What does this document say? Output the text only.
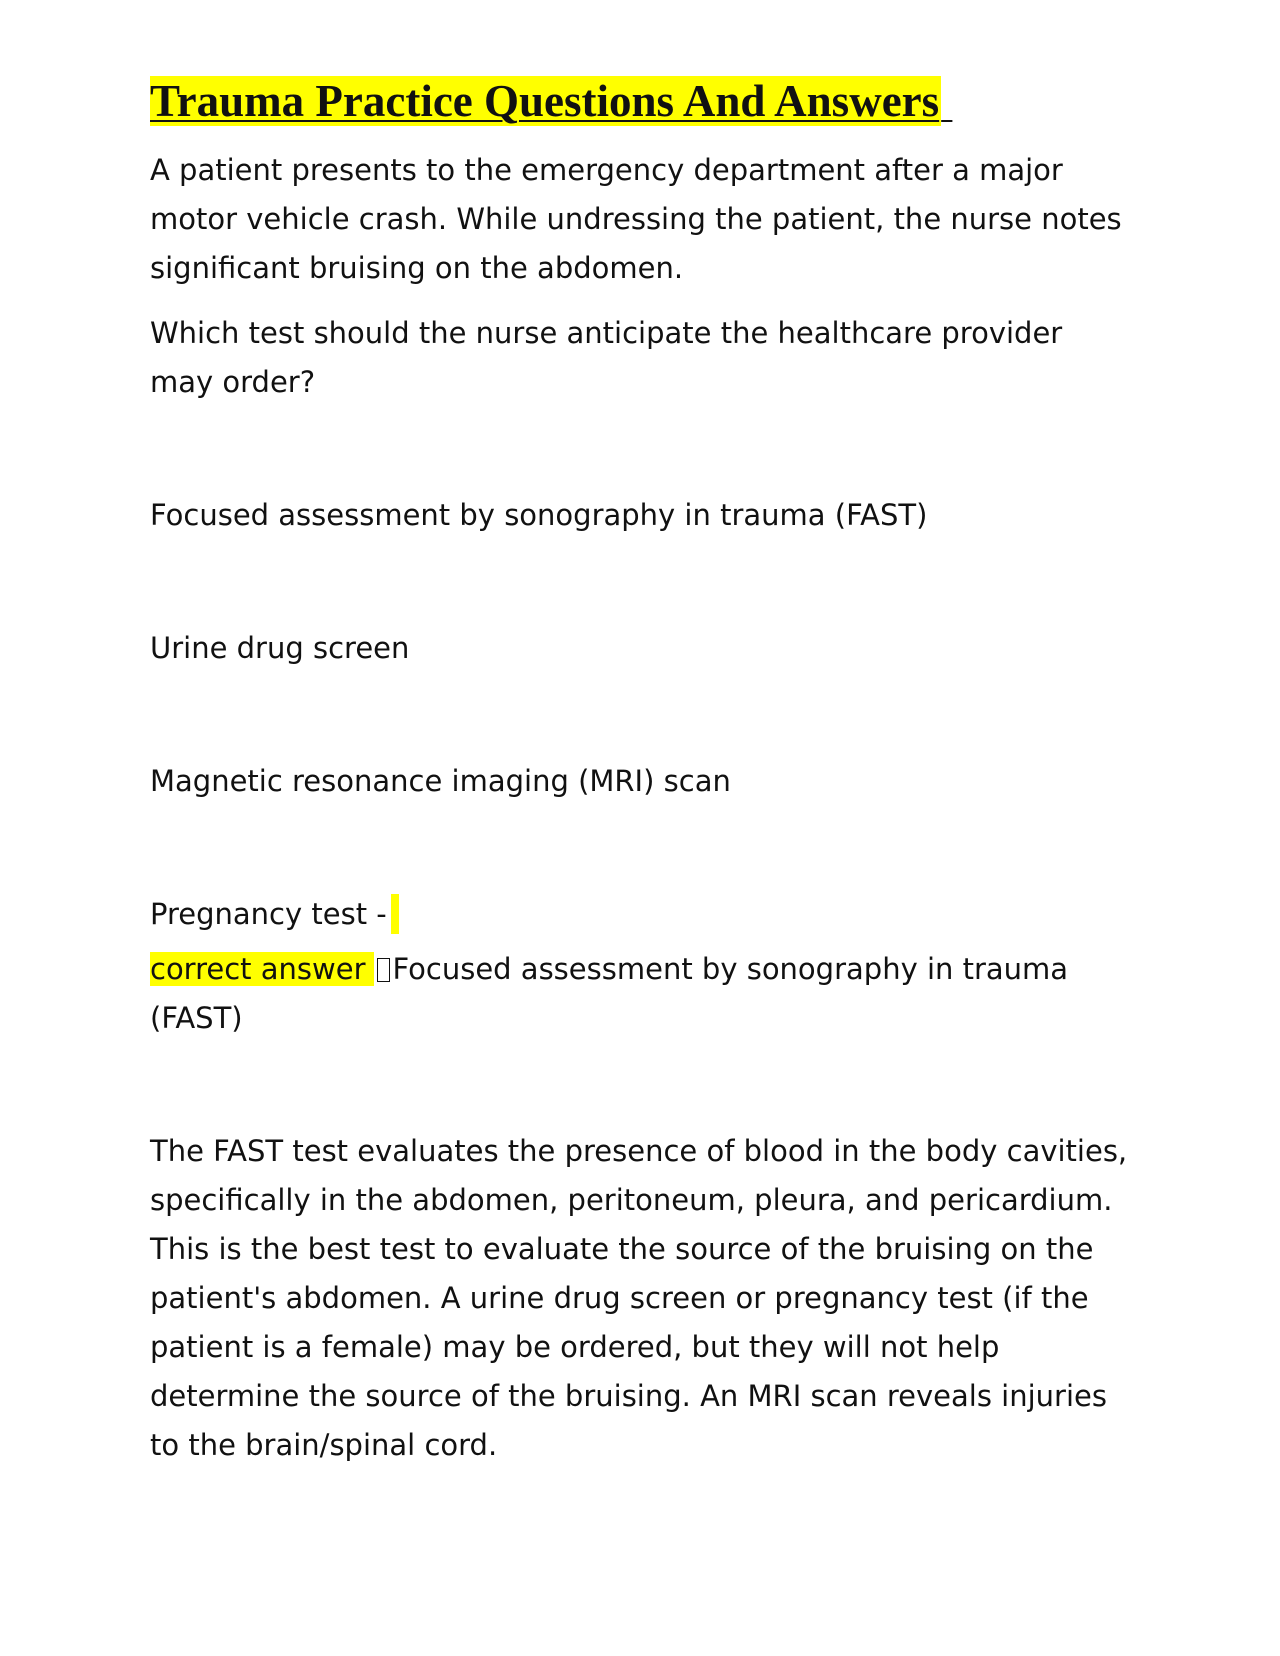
Trauma Practice Questions And Answers

A patient presents to the emergency department after a major motor vehicle crash. While undressing the patient, the nurse notes significant bruising on the abdomen.

Which test should the nurse anticipate the healthcare provider may order?

Focused assessment by sonography in trauma (FAST)

Urine drug screen

Magnetic resonance imaging (MRI) scan

Pregnancy test -

correct answer Focused assessment by sonography in trauma (FAST)

The FAST test evaluates the presence of blood in the body cavities, specifically in the abdomen, peritoneum, pleura, and pericardium. This is the best test to evaluate the source of the bruising on the patient's abdomen. A urine drug screen or pregnancy test (if the patient is a female) may be ordered, but they will not help determine the source of the bruising. An MRI scan reveals injuries to the brain/spinal cord.
